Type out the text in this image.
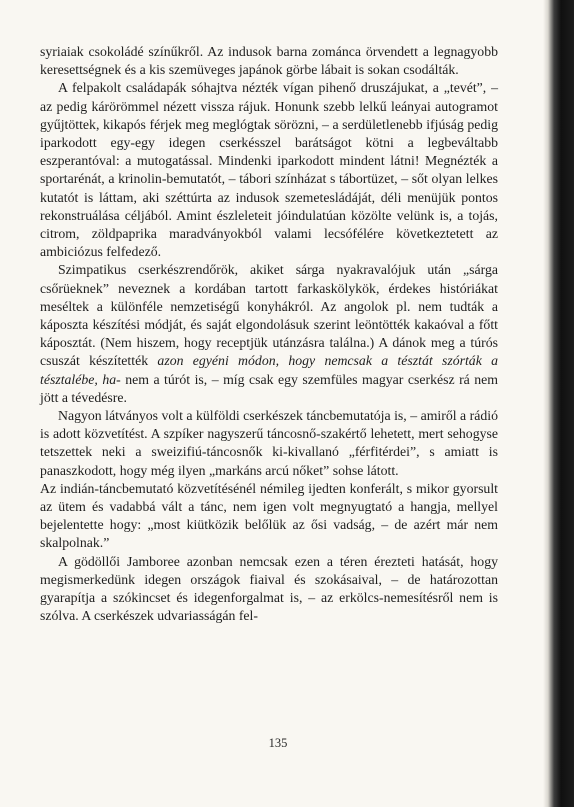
syriaiak csokoládé színűkről. Az indusok barna zománca örvendett a legnagyobb keresettségnek és a kis szemüveges japánok görbe lábait is sokan csodálták.

A felpakolt családapák sóhajtva nézték vígan pihenő druszájukat, a „tevét”, – az pedig kárörömmel nézett vissza rájuk. Honunk szebb lelkű leányai autogramot gyűjtöttek, kikapós férjek meg meglógtak sörözni, – a serdületlenebb ifjúság pedig iparkodott egy-egy idegen cserkésszel barátságot kötni a legbeváltabb eszperantóval: a mutogatással. Mindenki iparkodott mindent látni! Megnézték a sportarénát, a krinolin-bemutatót, – tábori színházat s tábortüzet, – sőt olyan lelkes kutatót is láttam, aki széttúrta az indusok szemetesládáját, déli menüjük pontos rekonstruálása céljából. Amint észleleteit jóindulatúan közölte velünk is, a tojás, citrom, zöldpaprika maradványokból valami lecsófélére következtetett az ambiciózus felfedező.

Szimpatikus cserkészrendőrök, akiket sárga nyakravalójuk után „sárga csőrüeknek” neveznek a kordában tartott farkaskölykök, érdekes históriákat meséltek a különféle nemzetiségű konyhákról. Az angolok pl. nem tudták a káposzta készítési módját, és saját elgondolásuk szerint leöntötték kakaóval a főtt káposztát. (Nem hiszem, hogy receptjük utánzásra találna.) A dánok meg a túrós csuszát készítették azon egyéni módon, hogy nemcsak a tésztát szórták a tésztalébe, ha- nem a túrót is, – míg csak egy szemfüles magyar cserkész rá nem jött a tévedésre.

Nagyon látványos volt a külföldi cserkészek táncbemutatója is, – amiről a rádió is adott közvetítést. A szpíker nagyszerű táncosnő-szakértő lehetett, mert sehogyse tetszettek neki a sweizifiú-táncosnők ki-kivallanó „férfitérdei”, s amiatt is panaszkodott, hogy még ilyen „markáns arcú nőket” sohse látott.

Az indián-táncbemutató közvetítésénél némileg ijedten konferált, s mikor gyorsult az ütem és vadabbá vált a tánc, nem igen volt megnyugtató a hangja, mellyel bejelentette hogy: „most kiütközik belőlük az ősi vadság, – de azért már nem skalpolnak.”

A gödöllői Jamboree azonban nemcsak ezen a téren érezteti hatását, hogy megismerkedünk idegen országok fiaival és szokásaival, – de határozottan gyarapítja a szókincset és idegenforgalmat is, – az erkölcs-nemesítésről nem is szólva. A cserkészek udvariasságán fel-

135
